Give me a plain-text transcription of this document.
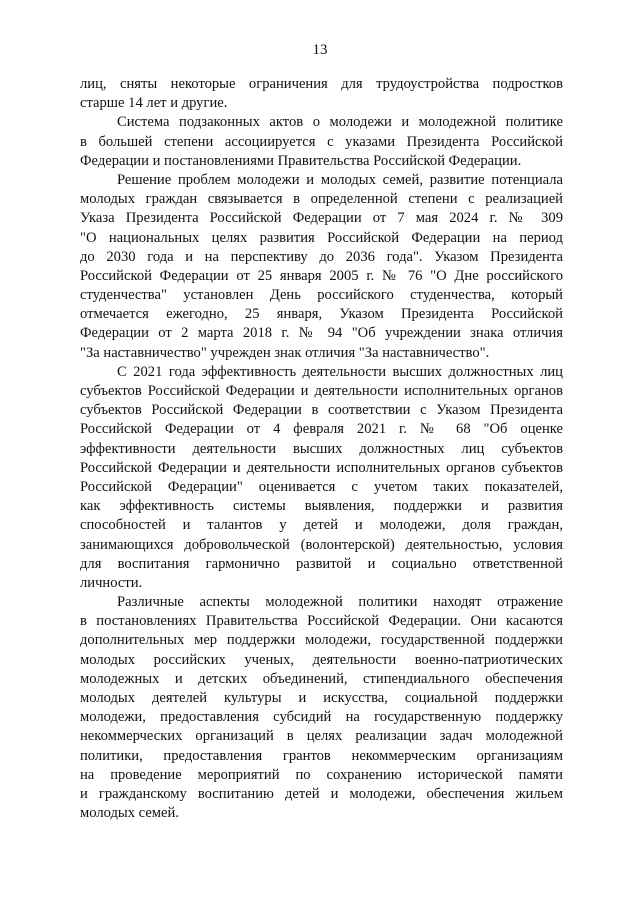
13
лиц, сняты некоторые ограничения для трудоустройства подростков
старше 14 лет и другие.
Система подзаконных актов о молодежи и молодежной политике
в большей степени ассоциируется с указами Президента Российской
Федерации и постановлениями Правительства Российской Федерации.
Решение проблем молодежи и молодых семей, развитие потенциала
молодых граждан связывается в определенной степени с реализацией
Указа Президента Российской Федерации от 7 мая 2024 г. № 309
"О национальных целях развития Российской Федерации на период
до 2030 года и на перспективу до 2036 года". Указом Президента
Российской Федерации от 25 января 2005 г. № 76 "О Дне российского
студенчества" установлен День российского студенчества, который
отмечается ежегодно, 25 января, Указом Президента Российской
Федерации от 2 марта 2018 г. № 94 "Об учреждении знака отличия
"За наставничество" учрежден знак отличия "За наставничество".
С 2021 года эффективность деятельности высших должностных лиц
субъектов Российской Федерации и деятельности исполнительных органов
субъектов Российской Федерации в соответствии с Указом Президента
Российской Федерации от 4 февраля 2021 г. № 68 "Об оценке
эффективности деятельности высших должностных лиц субъектов
Российской Федерации и деятельности исполнительных органов субъектов
Российской Федерации" оценивается с учетом таких показателей,
как эффективность системы выявления, поддержки и развития
способностей и талантов у детей и молодежи, доля граждан,
занимающихся добровольческой (волонтерской) деятельностью, условия
для воспитания гармонично развитой и социально ответственной
личности.
Различные аспекты молодежной политики находят отражение
в постановлениях Правительства Российской Федерации. Они касаются
дополнительных мер поддержки молодежи, государственной поддержки
молодых российских ученых, деятельности военно-патриотических
молодежных и детских объединений, стипендиального обеспечения
молодых деятелей культуры и искусства, социальной поддержки
молодежи, предоставления субсидий на государственную поддержку
некоммерческих организаций в целях реализации задач молодежной
политики, предоставления грантов некоммерческим организациям
на проведение мероприятий по сохранению исторической памяти
и гражданскому воспитанию детей и молодежи, обеспечения жильем
молодых семей.
